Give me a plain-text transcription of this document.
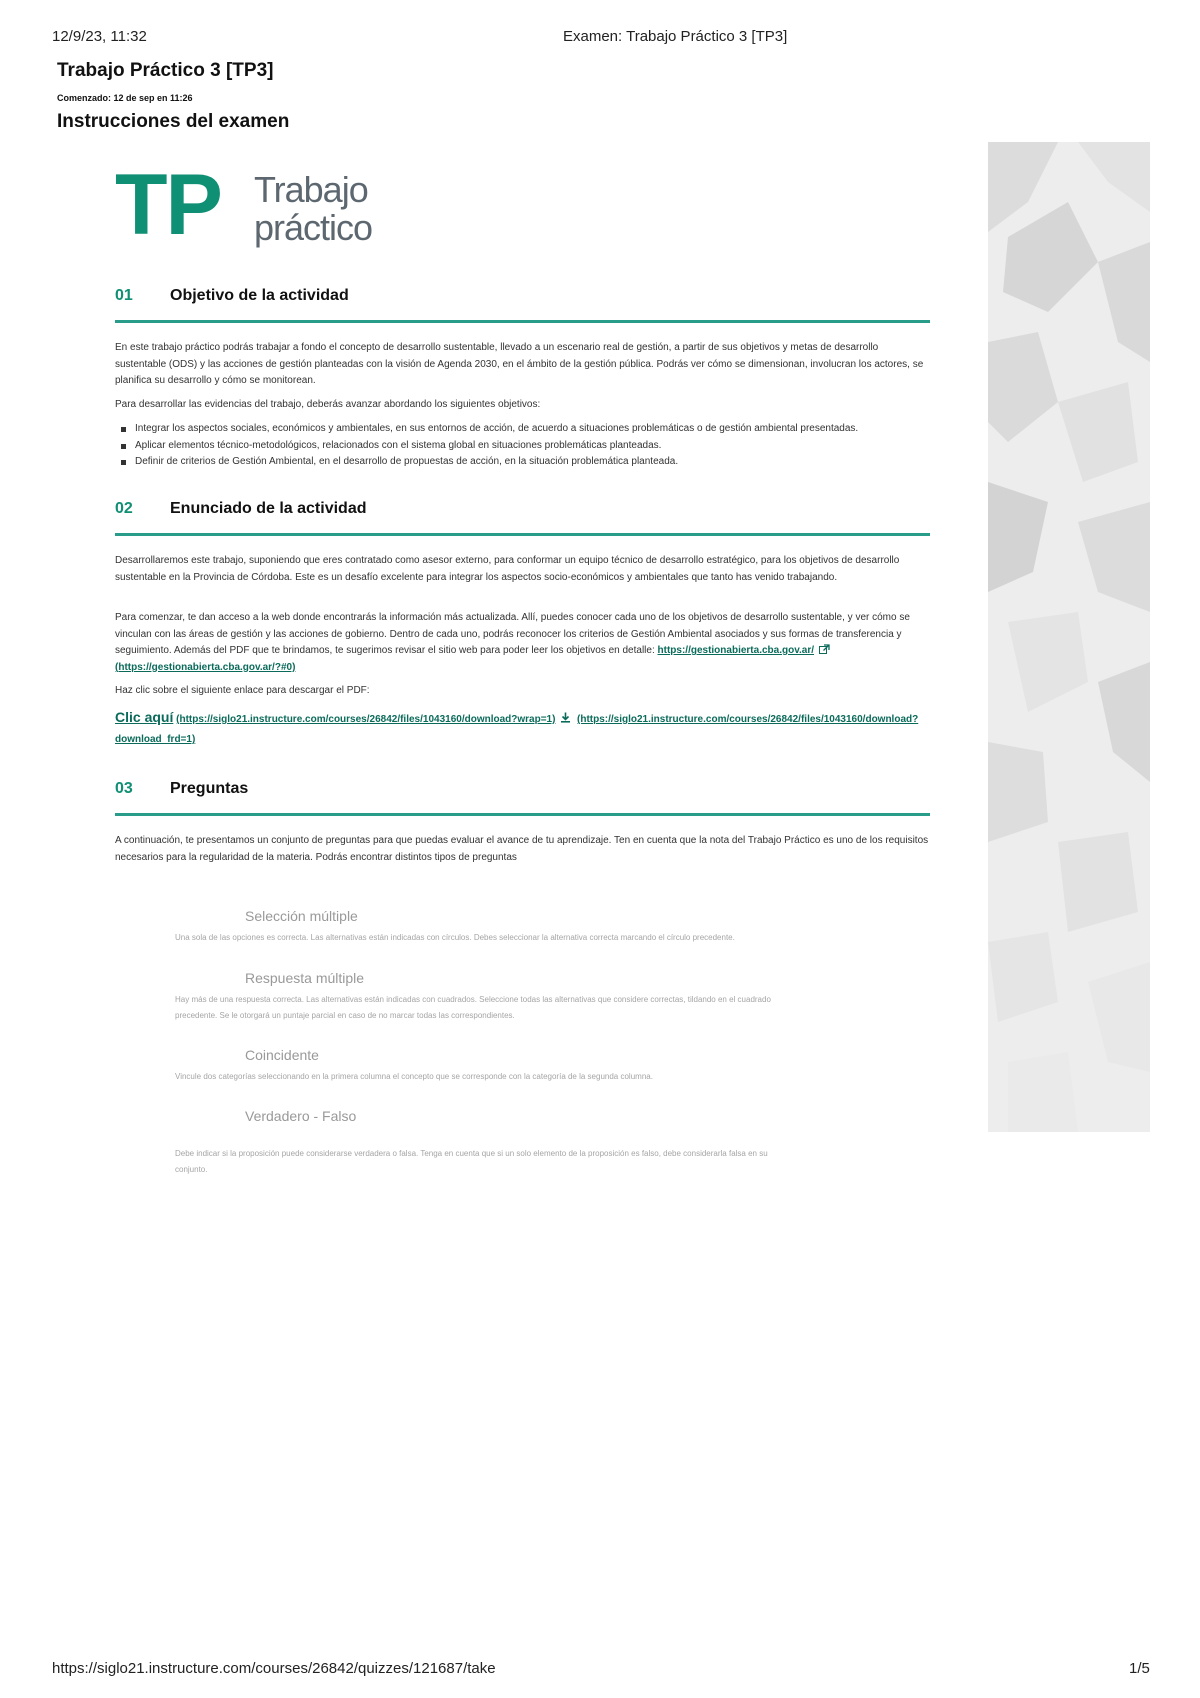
12/9/23, 11:32	Examen: Trabajo Práctico 3 [TP3]
Trabajo Práctico 3 [TP3]
Comenzado: 12 de sep en 11:26
Instrucciones del examen
TP Trabajo
práctico
01 Objetivo de la actividad

En este trabajo práctico podrás trabajar a fondo el concepto de desarrollo sustentable, llevado a un escenario real de gestión, a partir de sus objetivos y metas de desarrollo sustentable (ODS) y las acciones de gestión planteadas con la visión de Agenda 2030, en el ámbito de la gestión pública. Podrás ver cómo se dimensionan, involucran los actores, se planifica su desarrollo y cómo se monitorean.

Para desarrollar las evidencias del trabajo, deberás avanzar abordando los siguientes objetivos:

Integrar los aspectos sociales, económicos y ambientales, en sus entornos de acción, de acuerdo a situaciones problemáticas o de gestión ambiental presentadas.
Aplicar elementos técnico-metodológicos, relacionados con el sistema global en situaciones problemáticas planteadas.
Definir de criterios de Gestión Ambiental, en el desarrollo de propuestas de acción, en la situación problemática planteada.
02 Enunciado de la actividad

Desarrollaremos este trabajo, suponiendo que eres contratado como asesor externo, para conformar un equipo técnico de desarrollo estratégico, para los objetivos de desarrollo sustentable en la Provincia de Córdoba. Este es un desafío excelente para integrar los aspectos socio-económicos y ambientales que tanto has venido trabajando.

Para comenzar, te dan acceso a la web donde encontrarás la información más actualizada. Allí, puedes conocer cada uno de los objetivos de desarrollo sustentable, y ver cómo se vinculan con las áreas de gestión y las acciones de gobierno. Dentro de cada uno, podrás reconocer los criterios de Gestión Ambiental asociados y sus formas de transferencia y seguimiento. Además del PDF que te brindamos, te sugerimos revisar el sitio web para poder leer los objetivos en detalle: https://gestionabierta.cba.gov.ar/  (https://gestionabierta.cba.gov.ar/?#0)

Haz clic sobre el siguiente enlace para descargar el PDF:

Clic aquí (https://siglo21.instructure.com/courses/26842/files/1043160/download?wrap=1) (https://siglo21.instructure.com/courses/26842/files/1043160/download?
download_frd=1)

03 Preguntas

A continuación, te presentamos un conjunto de preguntas para que puedas evaluar el avance de tu aprendizaje. Ten en cuenta que la nota del Trabajo Práctico es uno de los requisitos necesarios para la regularidad de la materia. Podrás encontrar distintos tipos de preguntas

Selección múltiple

Una sola de las opciones es correcta. Las alternativas están indicadas con círculos. Debes seleccionar la alternativa correcta marcando el círculo precedente.

Respuesta múltiple

Hay más de una respuesta correcta. Las alternativas están indicadas con cuadrados. Seleccione todas las alternativas que considere correctas, tildando en el cuadrado

precedente. Se le otorgará un puntaje parcial en caso de no marcar todas las correspondientes.

Coincidente

Vincule dos categorías seleccionando en la primera columna el concepto que se corresponde con la categoría de la segunda columna.

Verdadero - Falso

Debe indicar si la proposición puede considerarse verdadera o falsa. Tenga en cuenta que si un solo elemento de la proposición es falso, debe considerarla falsa en su

conjunto.

https://siglo21.instructure.com/courses/26842/quizzes/121687/take	1/5
